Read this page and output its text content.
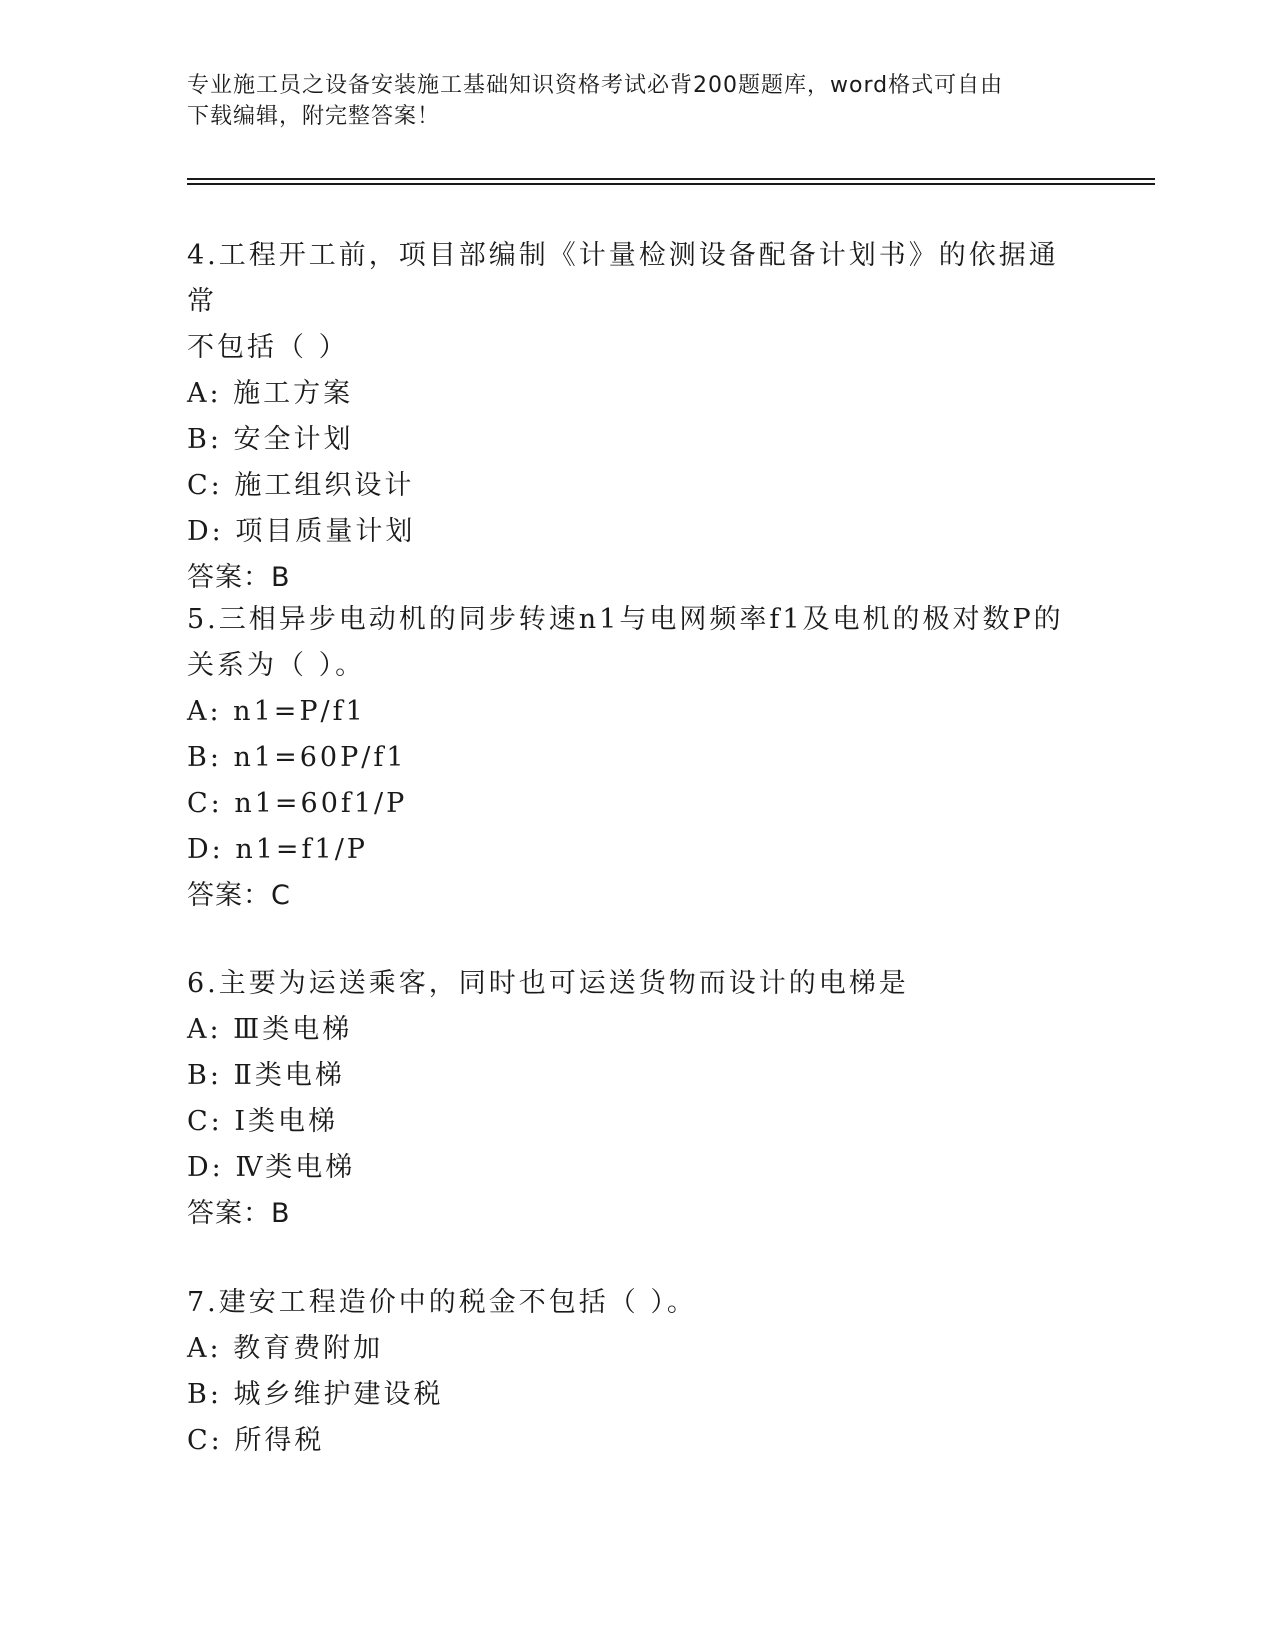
专业施工员之设备安装施工基础知识资格考试必背200题题库，word格式可自由
下载编辑，附完整答案！

4.工程开工前，项目部编制《计量检测设备配备计划书》的依据通常

不包括（ ）

A: 施工方案

B: 安全计划

C: 施工组织设计

D: 项目质量计划

答案：B

5.三相异步电动机的同步转速n1与电网频率f1及电机的极对数P的

关系为（ ）。

A: n1=P/f1

B: n1=60P/f1

C: n1=60f1/P

D: n1=f1/P

答案：C

6.主要为运送乘客，同时也可运送货物而设计的电梯是

A: Ⅲ类电梯

B: Ⅱ类电梯

C: Ⅰ类电梯

D: Ⅳ类电梯

答案：B

7.建安工程造价中的税金不包括（ ）。

A: 教育费附加

B: 城乡维护建设税

C: 所得税
